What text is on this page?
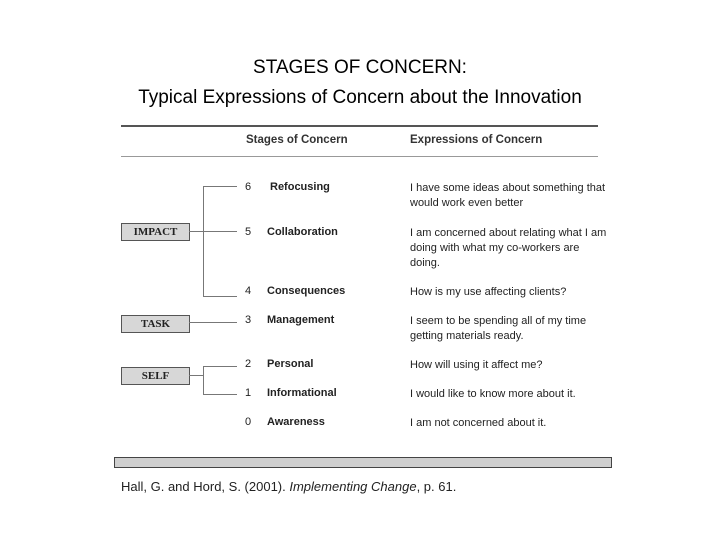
STAGES OF CONCERN:
Typical Expressions of Concern about the Innovation
Stages of Concern	Expressions of Concern
IMPACT
TASK
SELF
6	Refocusing	I have some ideas about something that would work even better
5	Collaboration	I am concerned about relating what I am doing with what my co-workers are doing.
4	Consequences	How is my use affecting clients?
3	Management	I seem to be spending all of my time getting materials ready.
2	Personal	How will using it affect me?
1	Informational	I would like to know more about it.
0	Awareness	I am not concerned about it.
Hall, G. and Hord, S. (2001). Implementing Change, p. 61.
